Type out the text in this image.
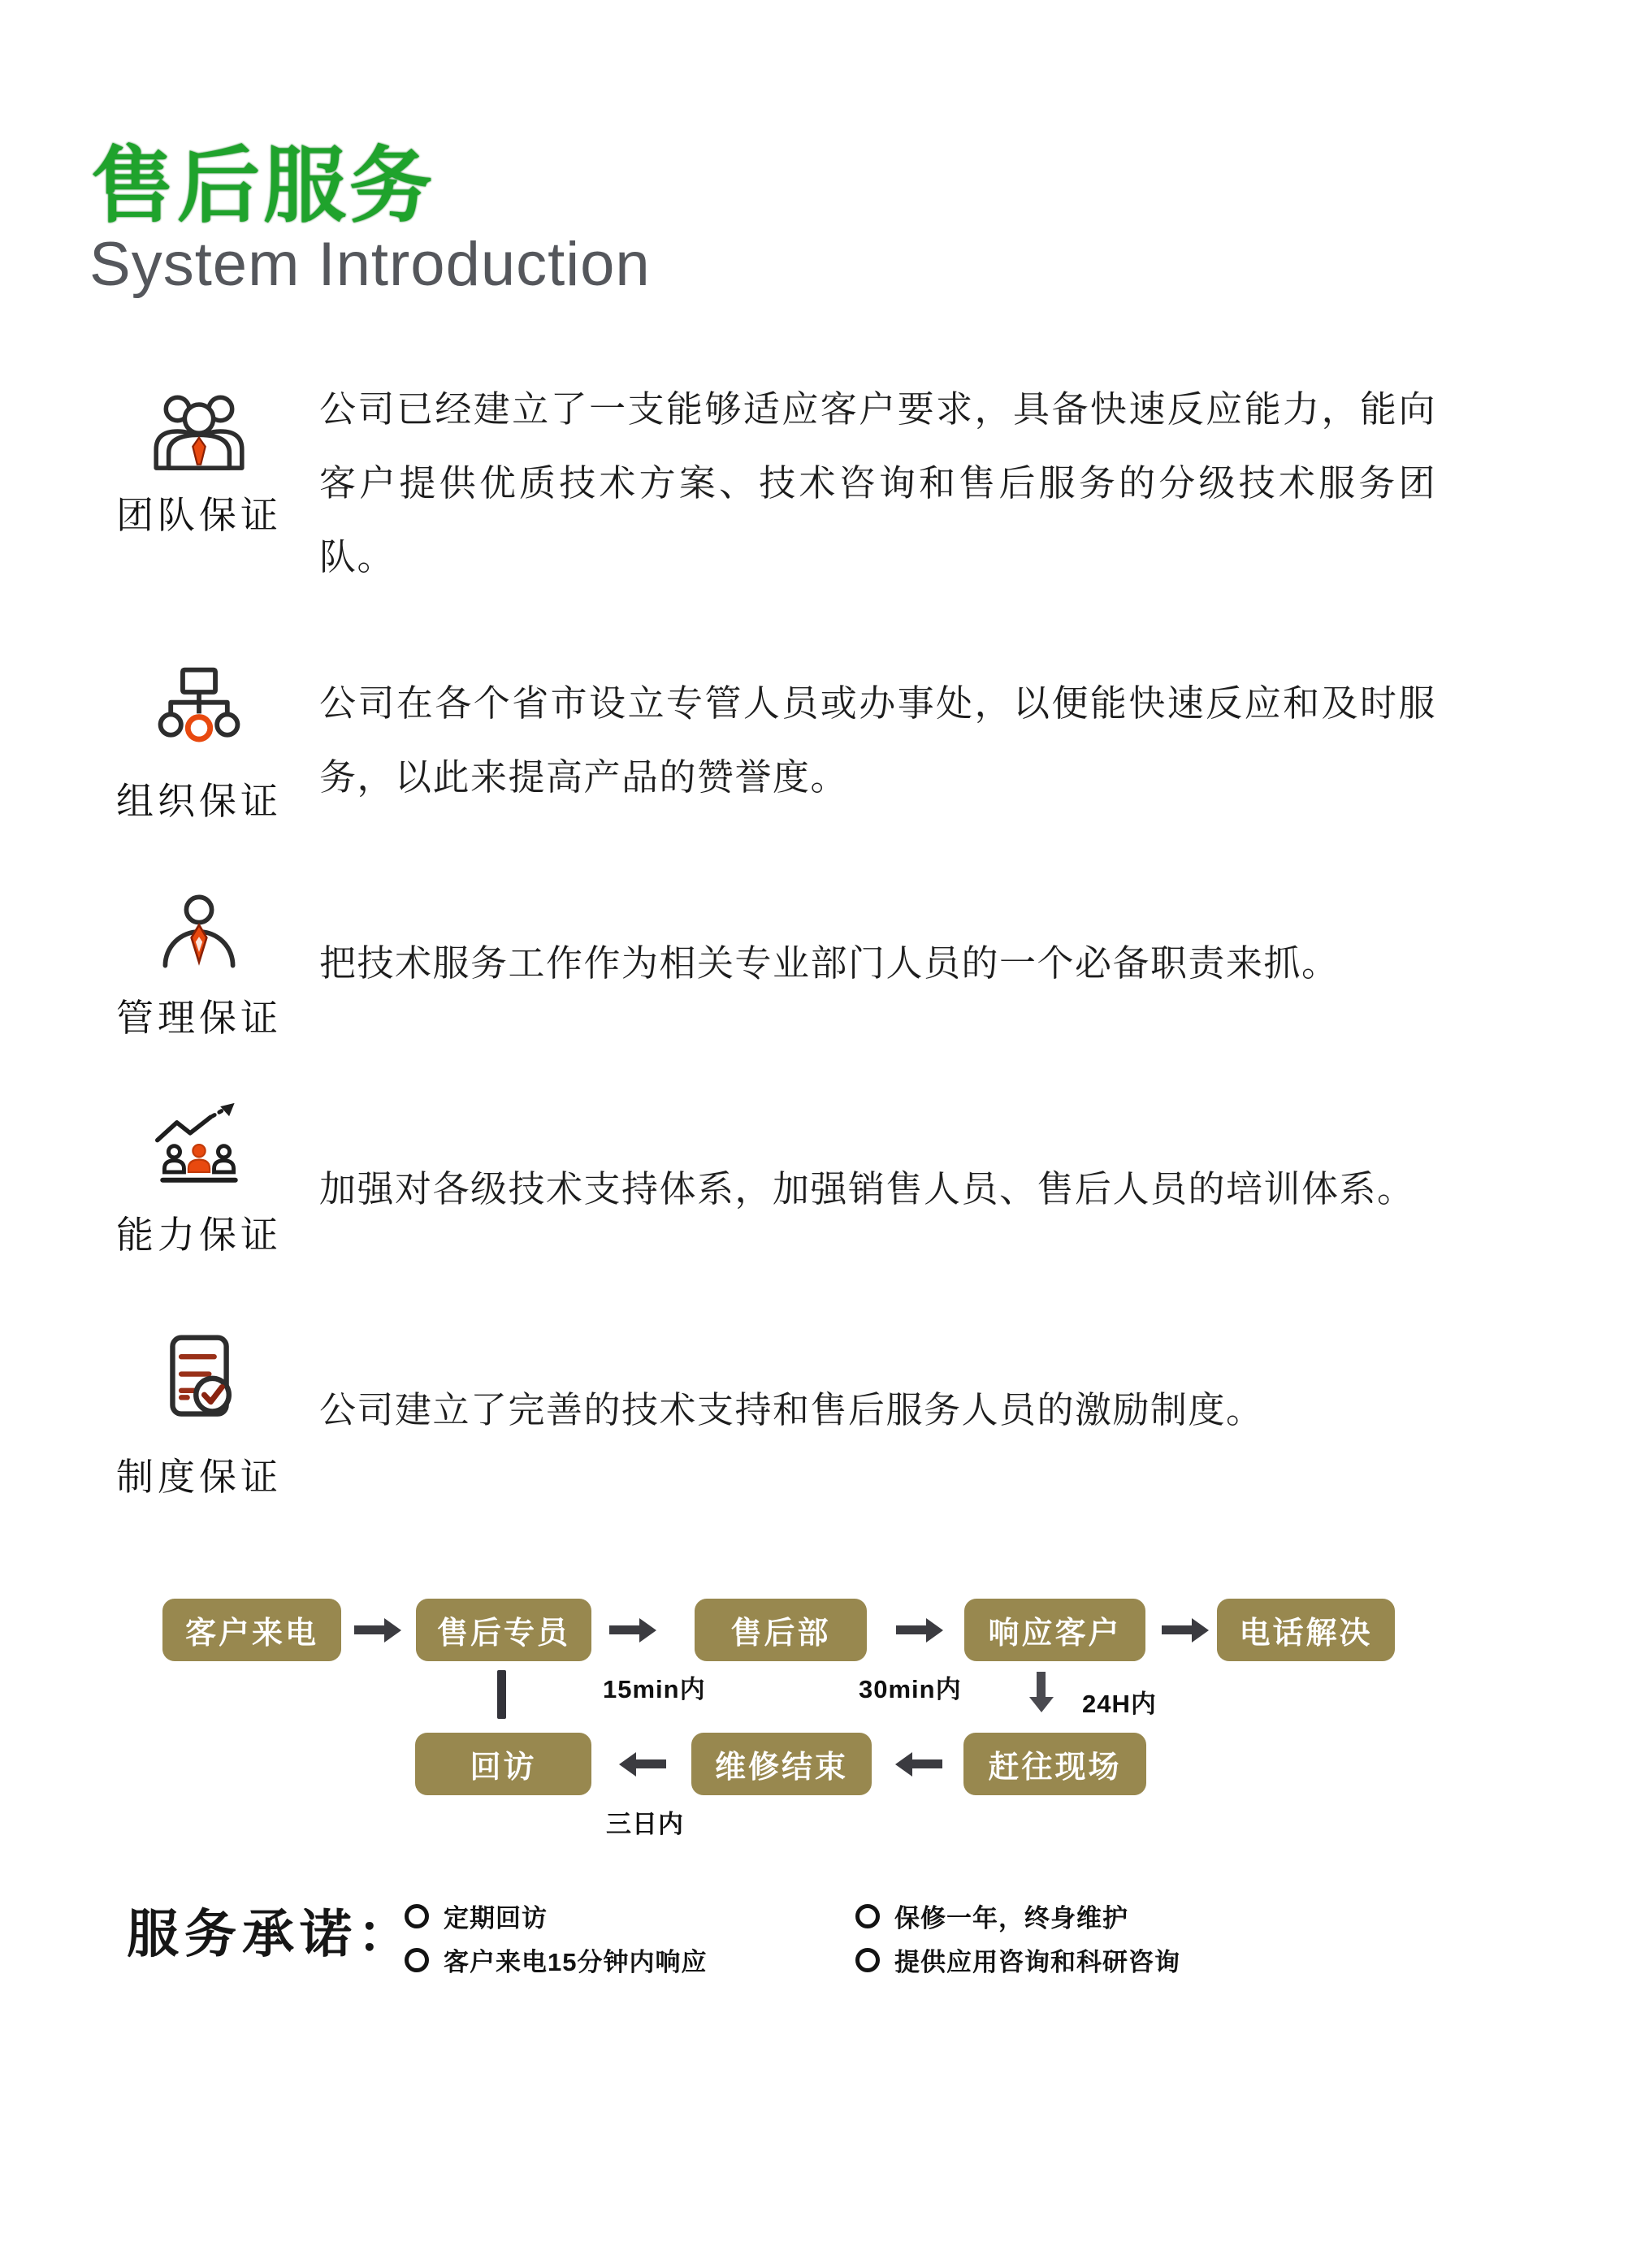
售后服务
System Introduction
团队保证

公司已经建立了一支能够适应客户要求，具备快速反应能力，能向客户提供优质技术方案、技术咨询和售后服务的分级技术服务团队。

组织保证

公司在各个省市设立专管人员或办事处，以便能快速反应和及时服务，以此来提高产品的赞誉度。

管理保证

把技术服务工作作为相关专业部门人员的一个必备职责来抓。

能力保证

加强对各级技术支持体系，加强销售人员、售后人员的培训体系。

制度保证

公司建立了完善的技术支持和售后服务人员的激励制度。

客户来电	售后专员	售后部	响应客户	电话解决
15min内	30min内
24H内
回访	维修结束	赶往现场
三日内
服务承诺： 定期回访
客户来电15分钟内响应
保修一年，终身维护
提供应用咨询和科研咨询
